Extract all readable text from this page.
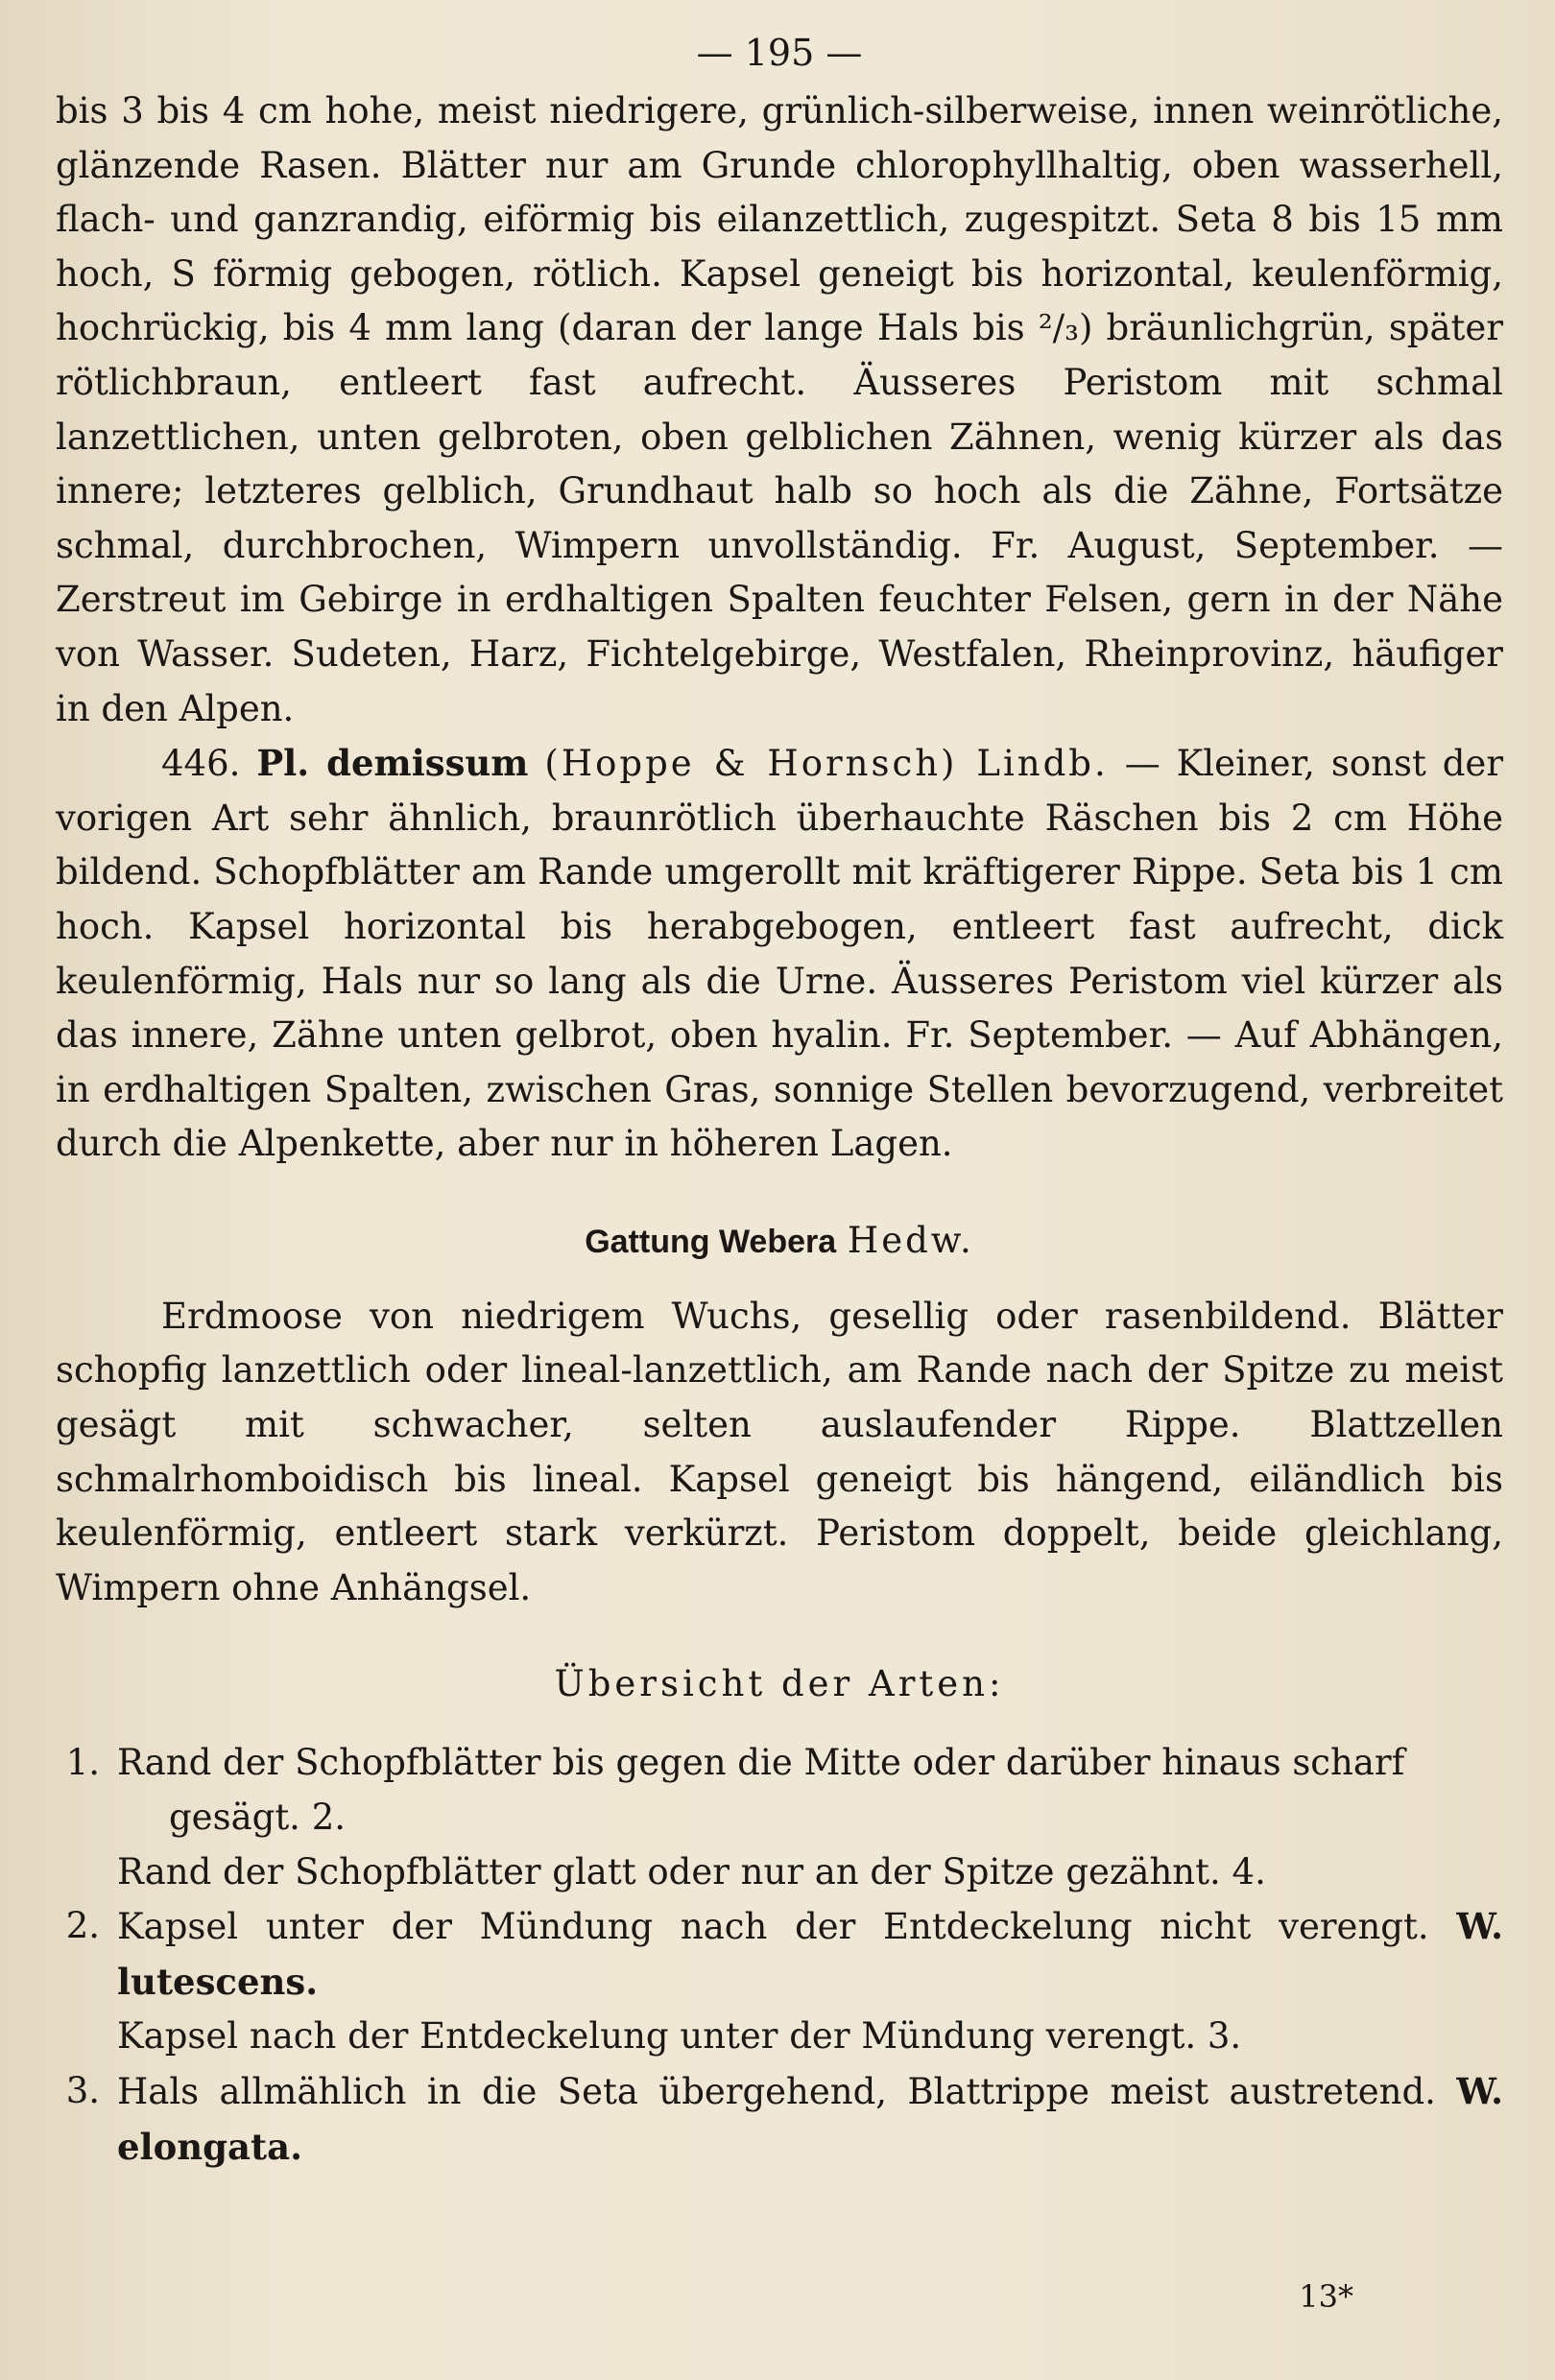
— 195 —

bis 3 bis 4 cm hohe, meist niedrigere, grünlich-silberweise, innen weinrötliche, glänzende Rasen. Blätter nur am Grunde chlorophyllhaltig, oben wasserhell, flach- und ganzrandig, eiförmig bis eilanzettlich, zugespitzt. Seta 8 bis 15 mm hoch, S förmig gebogen, rötlich. Kapsel geneigt bis horizontal, keulenförmig, hochrückig, bis 4 mm lang (daran der lange Hals bis ²/₃) bräunlichgrün, später rötlichbraun, entleert fast aufrecht. Äusseres Peristom mit schmal lanzettlichen, unten gelbroten, oben gelblichen Zähnen, wenig kürzer als das innere; letzteres gelblich, Grundhaut halb so hoch als die Zähne, Fortsätze schmal, durchbrochen, Wimpern unvollständig. Fr. August, September. — Zerstreut im Gebirge in erdhaltigen Spalten feuchter Felsen, gern in der Nähe von Wasser. Sudeten, Harz, Fichtelgebirge, Westfalen, Rheinprovinz, häufiger in den Alpen.

446. Pl. demissum (Hoppe & Hornsch) Lindb. — Kleiner, sonst der vorigen Art sehr ähnlich, braunrötlich überhauchte Räschen bis 2 cm Höhe bildend. Schopfblätter am Rande umgerollt mit kräftigerer Rippe. Seta bis 1 cm hoch. Kapsel horizontal bis herabgebogen, entleert fast aufrecht, dick keulenförmig, Hals nur so lang als die Urne. Äusseres Peristom viel kürzer als das innere, Zähne unten gelbrot, oben hyalin. Fr. September. — Auf Abhängen, in erdhaltigen Spalten, zwischen Gras, sonnige Stellen bevorzugend, verbreitet durch die Alpenkette, aber nur in höheren Lagen.

Gattung Webera Hedw.

Erdmoose von niedrigem Wuchs, gesellig oder rasenbildend. Blätter schopfig lanzettlich oder lineal-lanzettlich, am Rande nach der Spitze zu meist gesägt mit schwacher, selten auslaufender Rippe. Blattzellen schmalrhomboidisch bis lineal. Kapsel geneigt bis hängend, eiländlich bis keulenförmig, entleert stark verkürzt. Peristom doppelt, beide gleichlang, Wimpern ohne Anhängsel.

Übersicht der Arten:
1. Rand der Schopfblätter bis gegen die Mitte oder darüber hinaus scharf
gesägt. 2.
Rand der Schopfblätter glatt oder nur an der Spitze gezähnt. 4.
2. Kapsel unter der Mündung nach der Entdeckelung nicht verengt. W. lutescens.
Kapsel nach der Entdeckelung unter der Mündung verengt. 3.
3. Hals allmählich in die Seta übergehend, Blattrippe meist austretend. W. elongata.
13*
